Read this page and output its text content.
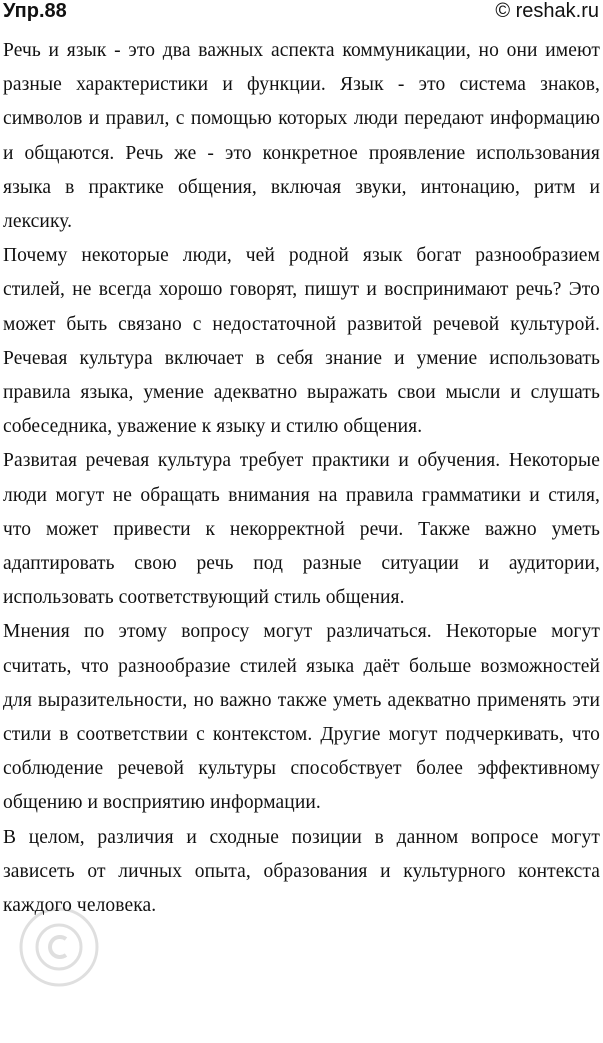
Упр.88	© reshak.ru

Речь и язык - это два важных аспекта коммуникации, но они имеют разные характеристики и функции. Язык - это система знаков, символов и правил, с помощью которых люди передают информацию и общаются. Речь же - это конкретное проявление использования языка в практике общения, включая звуки, интонацию, ритм и лексику.

Почему некоторые люди, чей родной язык богат разнообразием стилей, не всегда хорошо говорят, пишут и воспринимают речь? Это может быть связано с недостаточной развитой речевой культурой. Речевая культура включает в себя знание и умение использовать правила языка, умение адекватно выражать свои мысли и слушать собеседника, уважение к языку и стилю общения.

Развитая речевая культура требует практики и обучения. Некоторые люди могут не обращать внимания на правила грамматики и стиля, что может привести к некорректной речи. Также важно уметь адаптировать свою речь под разные ситуации и аудитории, использовать соответствующий стиль общения.

Мнения по этому вопросу могут различаться. Некоторые могут считать, что разнообразие стилей языка даёт больше возможностей для выразительности, но важно также уметь адекватно применять эти стили в соответствии с контекстом. Другие могут подчеркивать, что соблюдение речевой культуры способствует более эффективному общению и восприятию информации.

В целом, различия и сходные позиции в данном вопросе могут зависеть от личных опыта, образования и культурного контекста каждого человека.
